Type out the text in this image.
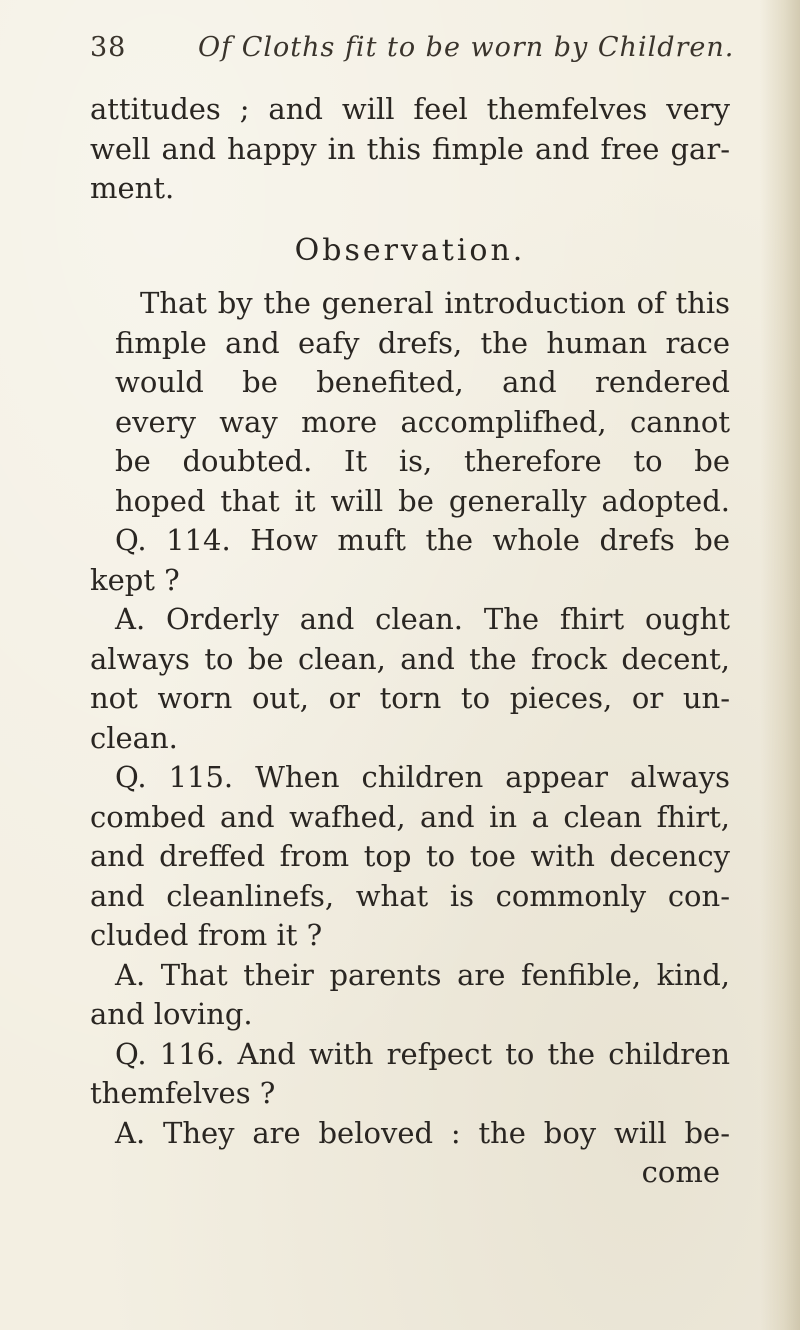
38	Of Cloths fit to be worn by Children.
attitudes ; and will feel themfelves very
well and happy in this fimple and free gar-
ment.
Observation.
That by the general introduction of this
fimple and eafy drefs, the human race
would be benefited, and rendered
every way more accomplifhed, cannot
be doubted. It is, therefore to be
hoped that it will be generally adopted.
Q. 114. How muft the whole drefs be
kept ?
A. Orderly and clean. The fhirt ought
always to be clean, and the frock decent,
not worn out, or torn to pieces, or un-
clean.
Q. 115. When children appear always
combed and wafhed, and in a clean fhirt,
and dreffed from top to toe with decency
and cleanlinefs, what is commonly con-
cluded from it ?
A. That their parents are fenfible, kind,
and loving.
Q. 116. And with refpect to the children
themfelves ?
A. They are beloved : the boy will be-
come
